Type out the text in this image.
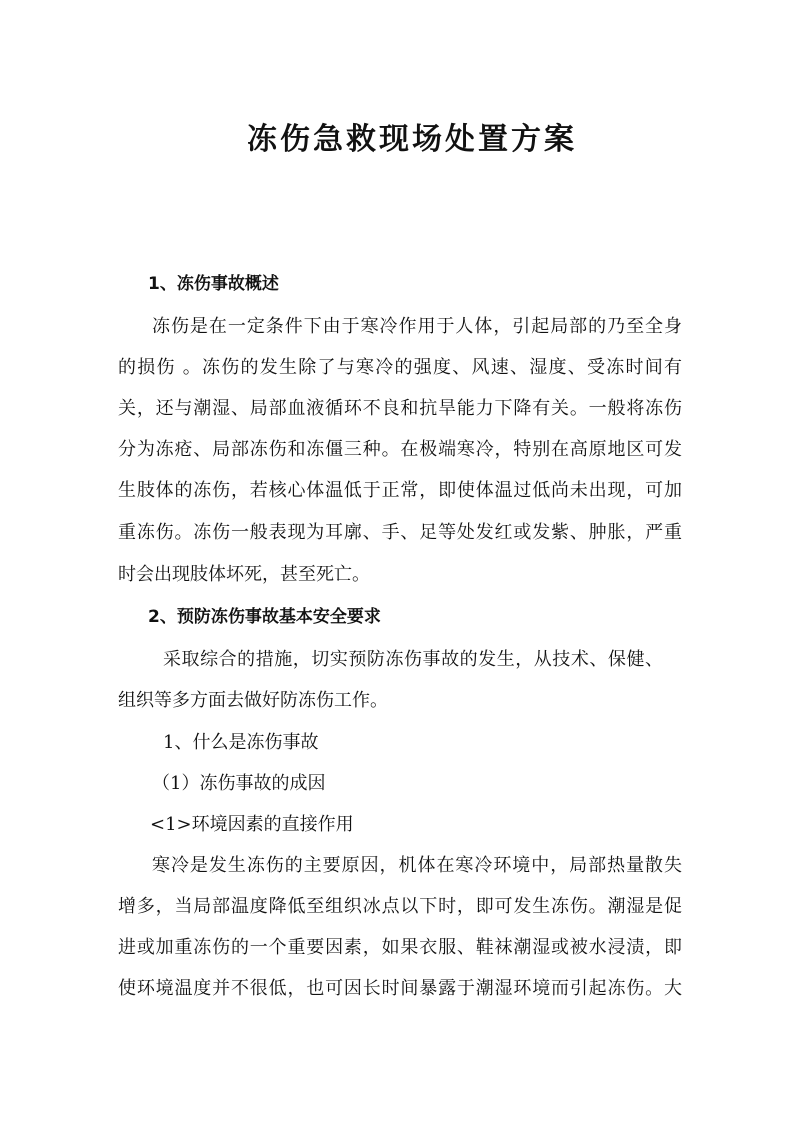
冻伤急救现场处置方案
1、冻伤事故概述
冻伤是在一定条件下由于寒冷作用于人体，引起局部的乃至全身
的损伤 。冻伤的发生除了与寒冷的强度、风速、湿度、受冻时间有
关，还与潮湿、局部血液循环不良和抗旱能力下降有关。一般将冻伤
分为冻疮、局部冻伤和冻僵三种。在极端寒冷，特别在高原地区可发
生肢体的冻伤，若核心体温低于正常，即使体温过低尚未出现，可加
重冻伤。冻伤一般表现为耳廓、手、足等处发红或发紫、肿胀，严重
时会出现肢体坏死，甚至死亡。
2、预防冻伤事故基本安全要求
采取综合的措施，切实预防冻伤事故的发生，从技术、保健、
组织等多方面去做好防冻伤工作。
1、什么是冻伤事故
（1）冻伤事故的成因
<1>环境因素的直接作用
寒冷是发生冻伤的主要原因，机体在寒冷环境中，局部热量散失
增多，当局部温度降低至组织冰点以下时，即可发生冻伤。潮湿是促
进或加重冻伤的一个重要因素，如果衣服、鞋袜潮湿或被水浸渍，即
使环境温度并不很低，也可因长时间暴露于潮湿环境而引起冻伤。大
